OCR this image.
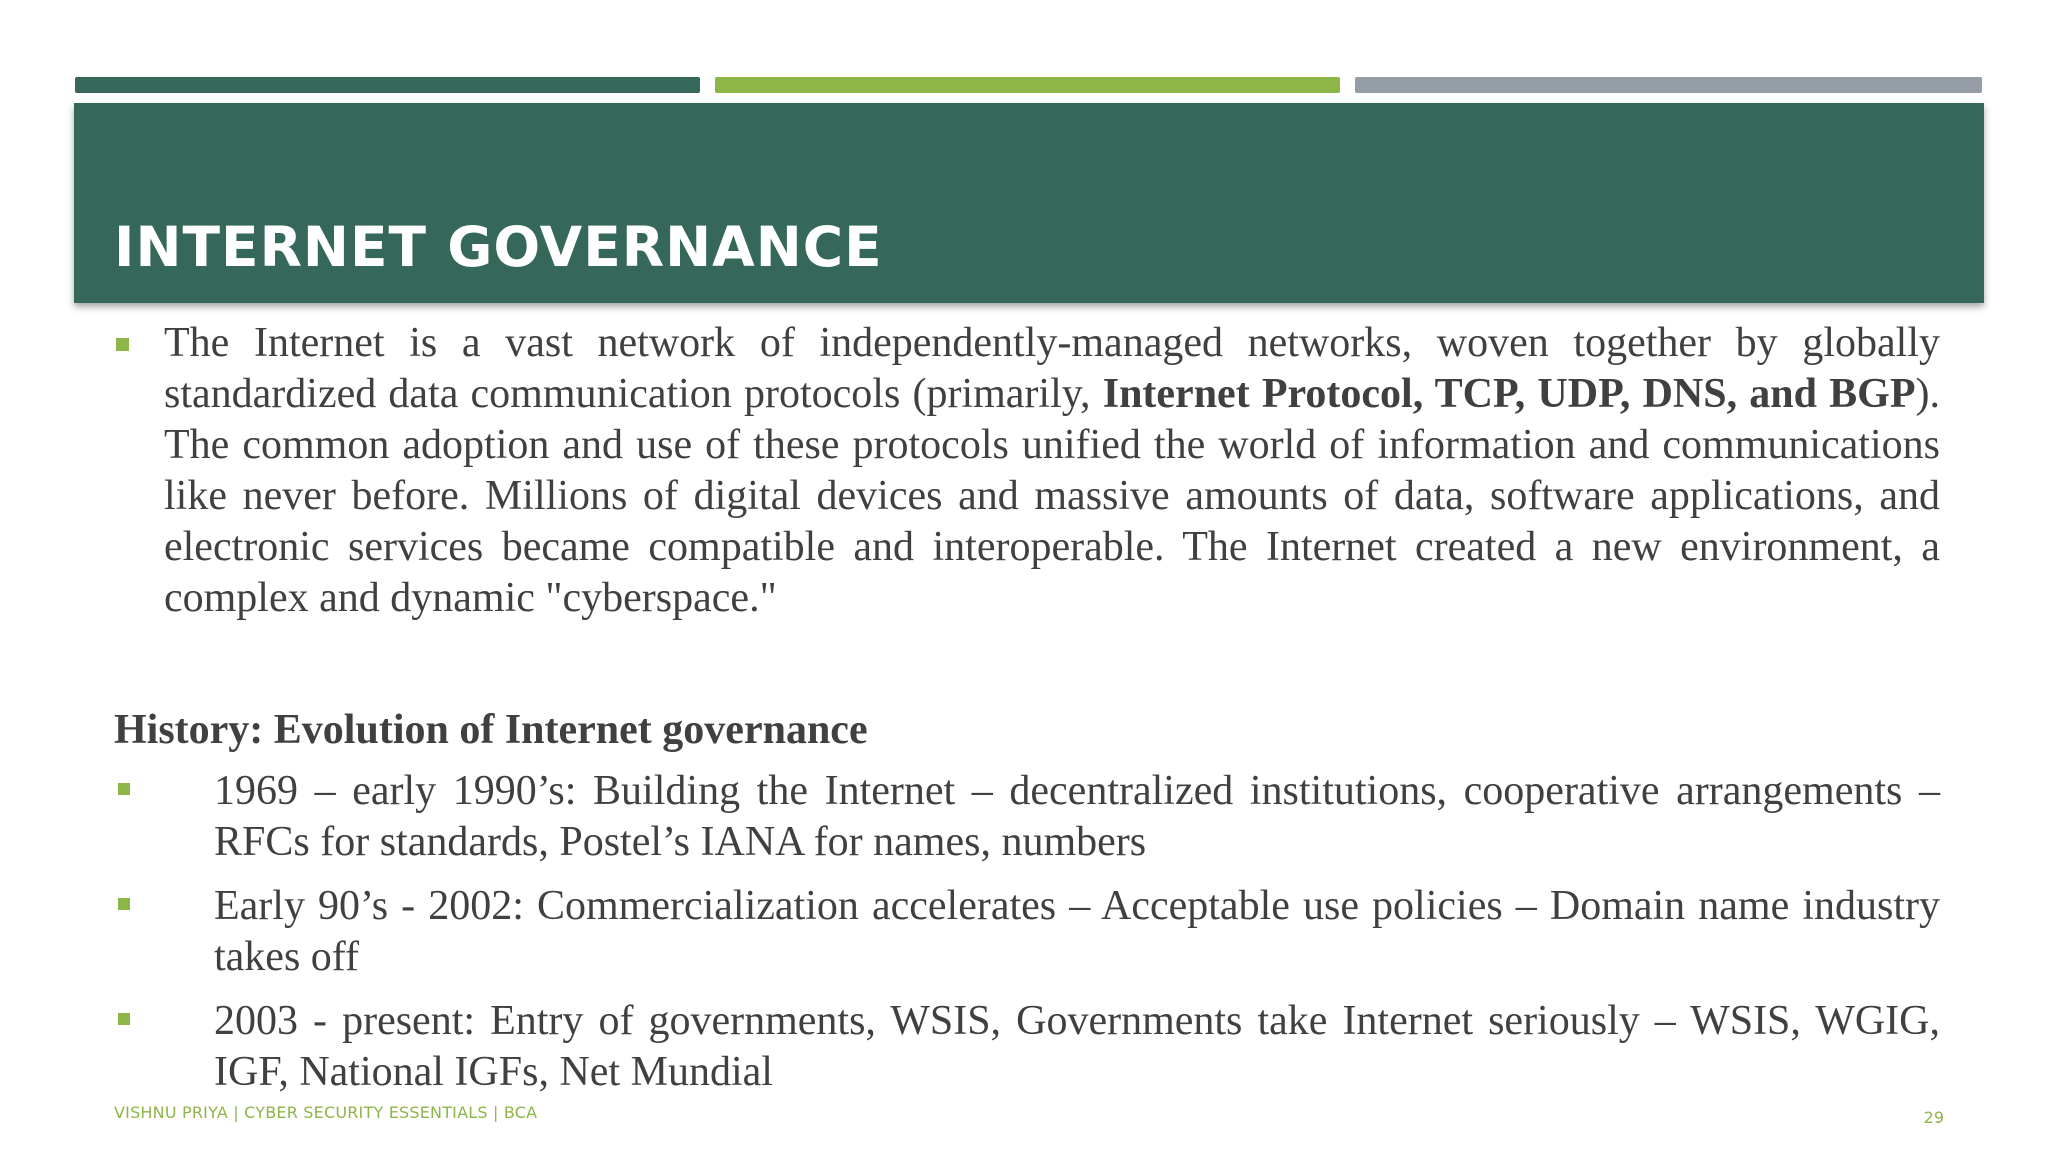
INTERNET GOVERNANCE

The Internet is a vast network of independently-managed networks, woven together by globally standardized data communication protocols (primarily, Internet Protocol, TCP, UDP, DNS, and BGP). The common adoption and use of these protocols unified the world of information and communications like never before. Millions of digital devices and massive amounts of data, software applications, and electronic services became compatible and interoperable. The Internet created a new environment, a complex and dynamic "cyberspace."

History: Evolution of Internet governance

1969 – early 1990’s: Building the Internet – decentralized institutions, cooperative arrangements – RFCs for standards, Postel’s IANA for names, numbers
Early 90’s - 2002: Commercialization accelerates – Acceptable use policies – Domain name industry takes off
2003 - present: Entry of governments, WSIS, Governments take Internet seriously – WSIS, WGIG, IGF, National IGFs, Net Mundial
VISHNU PRIYA | CYBER SECURITY ESSENTIALS | BCA	29
